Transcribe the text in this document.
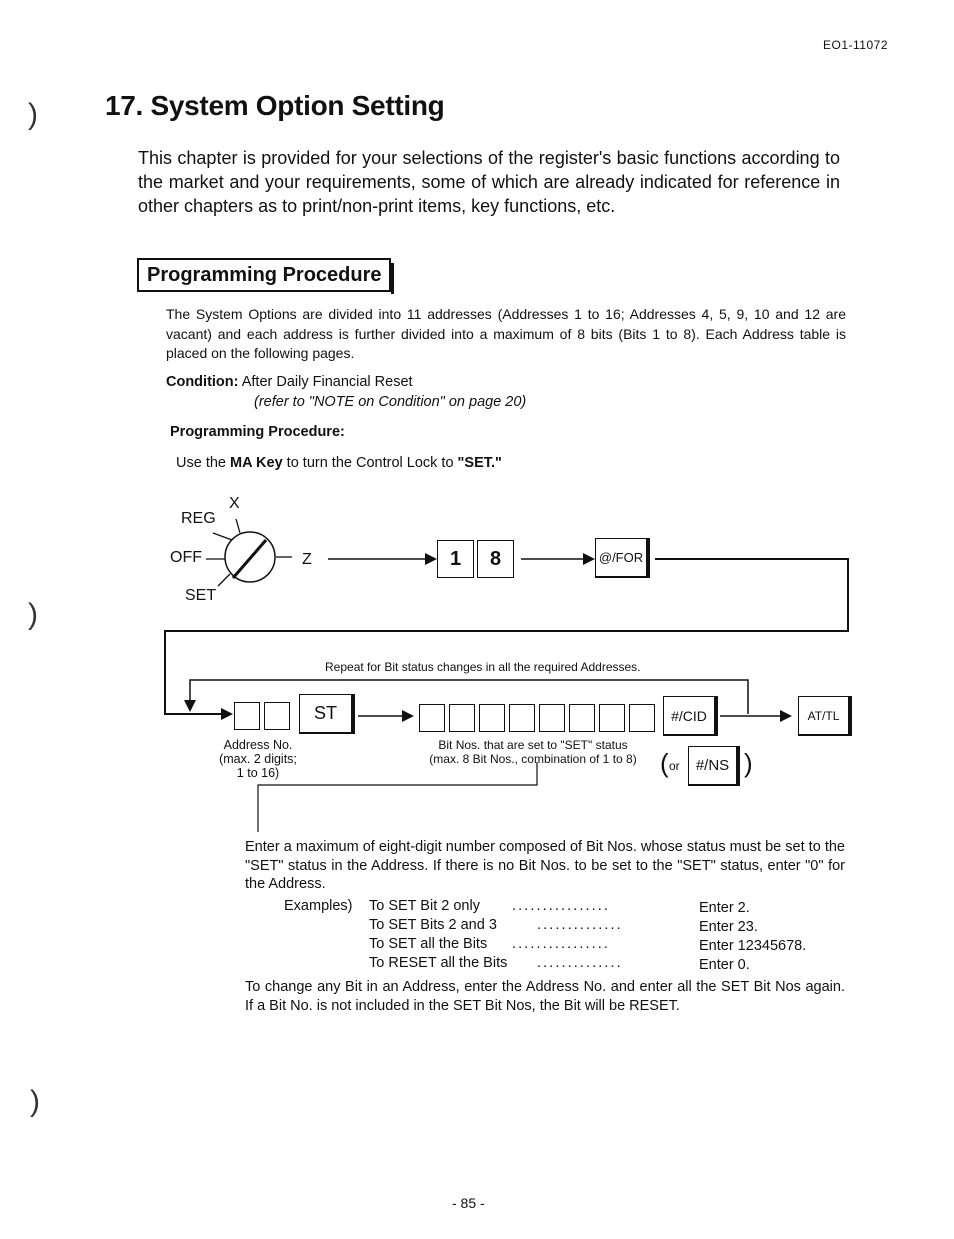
)
)
)
EO1-11072
17. System Option Setting
This chapter is provided for your selections of the register's basic functions according to the market and your requirements, some of which are already indicated for reference in other chapters as to print/non-print items, key functions, etc.
Programming Procedure
The System Options are divided into 11 addresses (Addresses 1 to 16; Addresses 4, 5, 9, 10 and 12 are vacant) and each address is further divided into a maximum of 8 bits (Bits 1 to 8). Each Address table is placed on the following pages.
Condition: After Daily Financial Reset
(refer to "NOTE on Condition" on page 20)
Programming Procedure:
Use the MA Key to turn the Control Lock to "SET."
X
REG
OFF	Z
SET
1	8	@/FOR
ST	#/CID	AT/TL
Repeat for Bit status changes in all the required Addresses.
Address No.
(max. 2 digits;
1 to 16)
Bit Nos. that are set to "SET" status
(max. 8 Bit Nos., combination of 1 to 8) ( or	#/NS )
Enter a maximum of eight-digit number composed of Bit Nos. whose status must be set to the "SET" status in the Address. If there is no Bit Nos. to be set to the "SET" status, enter "0" for the Address.
Examples) To SET Bit 2 only ................	Enter 2.
To SET Bits 2 and 3	..............	Enter 23.
To SET all the Bits ................	Enter 12345678.
To RESET all the Bits ..............	Enter 0.
To change any Bit in an Address, enter the Address No. and enter all the SET Bit Nos again. If a Bit No. is not included in the SET Bit Nos, the Bit will be RESET.
- 85 -
